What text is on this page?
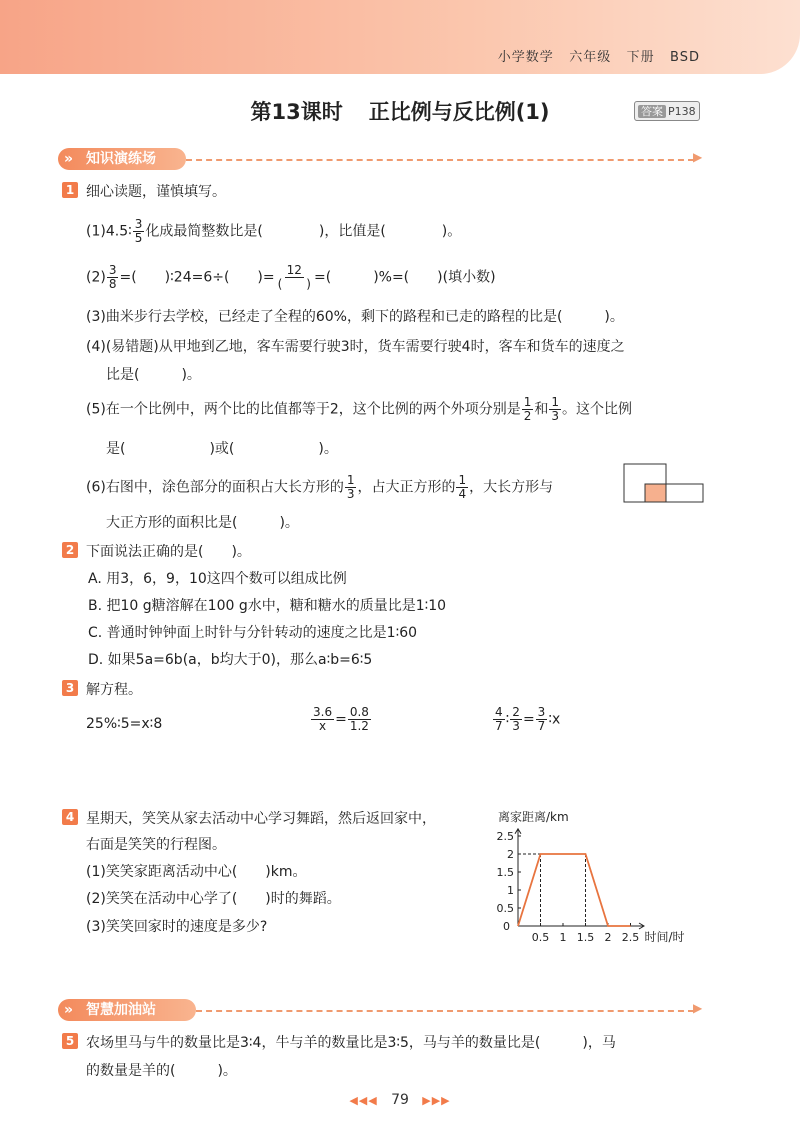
小学数学 六年级 下册 BSD
第13课时 正比例与反比例(1)	答案 P138
» 知识演练场	▶
1 细心读题，谨慎填写。
(1)4.5∶ $\frac{3}{5}$ 化成最简整数比是(　　　　)，比值是(　　　　)。
$(2) \frac{3}{8}$ =(　　)∶24=6÷(　　)= $\frac{12}{( )}$ =(　　　)%=(　　)(填小数)
(3)曲米步行去学校，已经走了全程的60%，剩下的路程和已走的路程的比是(　　　)。
(4)(易错题)从甲地到乙地，客车需要行驶3时，货车需要行驶4时，客车和货车的速度之
比是(　　　)。
(5)在一个比例中，两个比的比值都等于2，这个比例的两个外项分别是 $\frac{1}{2}$ 和 $\frac{1}{3}$ 。这个比例
是(　　　　　　)或(　　　　　　)。
(6)右图中，涂色部分的面积占大长方形的 $\frac{1}{3}$ ，占大正方形的 $\frac{1}{4}$ ，大长方形与
大正方形的面积比是(　　　)。
2 下面说法正确的是(　　)。
A. 用3，6，9，10这四个数可以组成比例
B. 把10 g糖溶解在100 g水中，糖和糖水的质量比是1∶10
C. 普通时钟钟面上时针与分针转动的速度之比是1∶60
D. 如果5a=6b(a，b均大于0)，那么a∶b=6∶5
3 解方程。
25%∶5=x∶8	$\frac{3.6}{x} = \frac{0.8}{1.2}$	$\frac{4}{7}$ ∶ $\frac{2}{3} = \frac{3}{7}$ ∶x
4 星期天，笑笑从家去活动中心学习舞蹈，然后返回家中，
右面是笑笑的行程图。
(1)笑笑家距离活动中心(　　)km。
(2)笑笑在活动中心学了(　　)时的舞蹈。
(3)笑笑回家时的速度是多少?
离家距离/km
0
0.5
1
1.5
2
2.5
0.5 1 1.5 2 2.5 时间/时
» 智慧加油站	▶
5 农场里马与牛的数量比是3∶4，牛与羊的数量比是3∶5，马与羊的数量比是(　　　)，马
的数量是羊的(　　　)。
◀◀◀ 79 ▶▶▶
